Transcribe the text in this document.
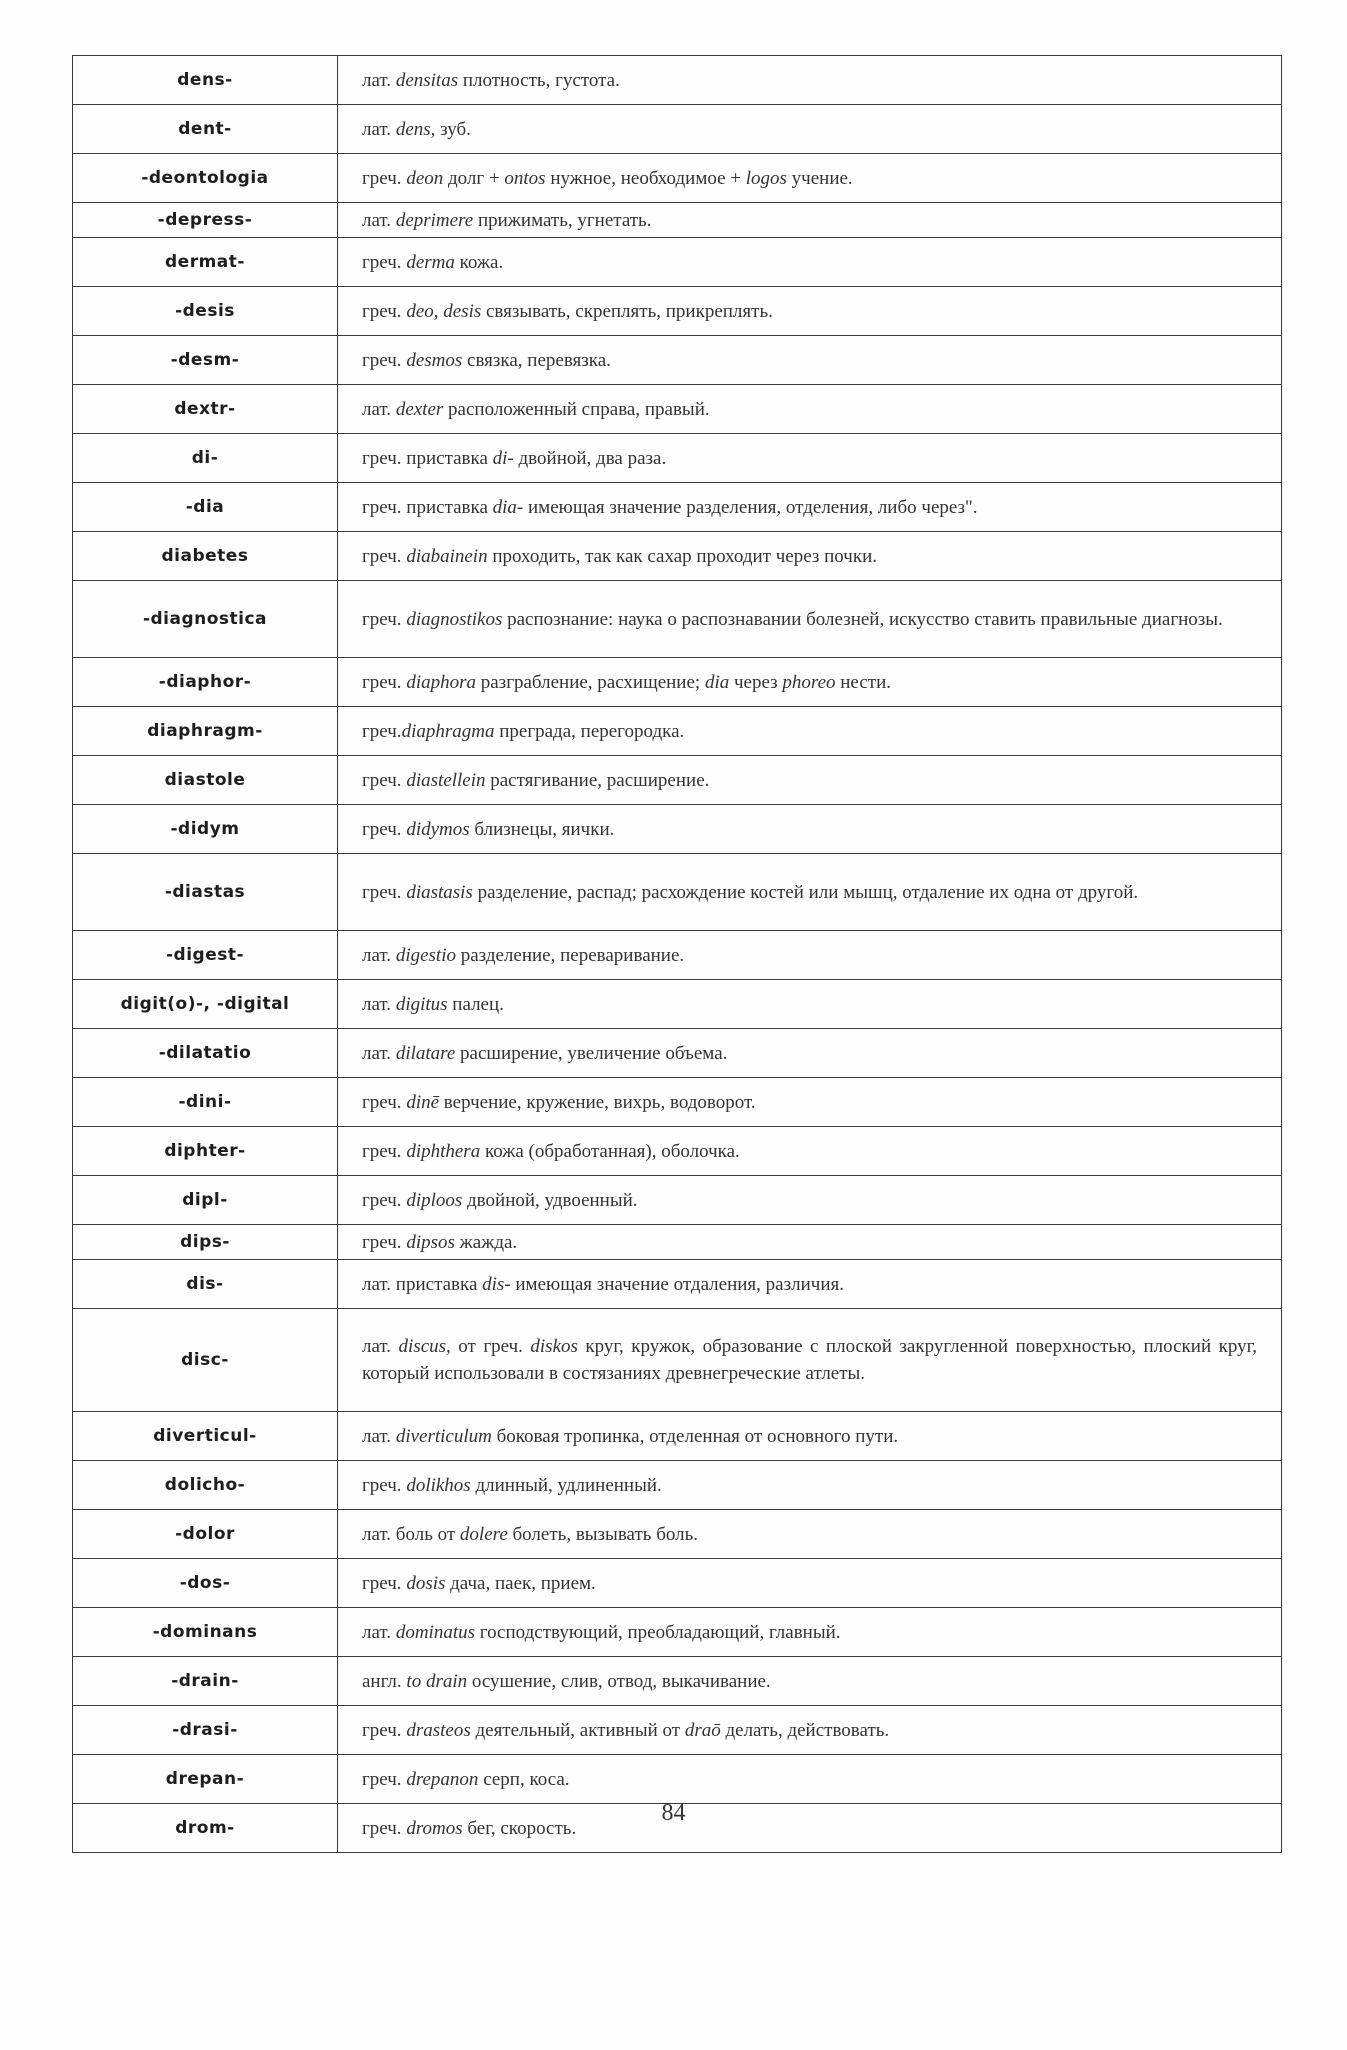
dens-	лат. densitas плотность, густота.
dent-	лат. dens, зуб.
-deontologia	греч. deon долг + ontos нужное, необходимое + logos учение.
-depress-	лат. deprimere прижимать, угнетать.
dermat-	греч. derma кожа.
-desis	греч. deo, desis связывать, скреплять, прикреплять.
-desm-	греч. desmos связка, перевязка.
dextr-	лат. dexter расположенный справа, правый.
di-	греч. приставка di- двойной, два раза.
-dia	греч. приставка dia- имеющая значение разделения, отделения, либо через".
diabetes	греч. diabainein проходить, так как сахар проходит через почки.
-diagnostica	греч. diagnostikos распознание: наука о распознавании болезней, искусство ставить правильные диагнозы.
-diaphor-	греч. diaphora разграбление, расхищение; dia через phoreo нести.
diaphragm-	греч.diaphragma преграда, перегородка.
diastole	греч. diastellein растягивание, расширение.
-didym	греч. didymos близнецы, яички.
-diastas	греч. diastasis разделение, распад; расхождение костей или мышц, отдаление их одна от другой.
-digest-	лат. digestio разделение, переваривание.
digit(o)-, -digital	лат. digitus палец.
-dilatatio	лат. dilatare расширение, увеличение объема.
-dini-	греч. dinē верчение, кружение, вихрь, водоворот.
diphter-	греч. diphthera кожа (обработанная), оболочка.
dipl-	греч. diploos двойной, удвоенный.
dips-	греч. dipsos жажда.
dis-	лат. приставка dis- имеющая значение отдаления, различия.
disc-	лат. discus, от греч. diskos круг, кружок, образование с плоской закругленной поверхностью, плоский круг, который использовали в состязаниях древнегреческие атлеты.
diverticul-	лат. diverticulum боковая тропинка, отделенная от основного пути.
dolicho-	греч. dolikhos длинный, удлиненный.
-dolor	лат. боль от dolere болеть, вызывать боль.
-dos-	греч. dosis дача, паек, прием.
-dominans	лат. dominatus господствующий, преобладающий, главный.
-drain-	англ. to drain осушение, слив, отвод, выкачивание.
-drasi-	греч. drasteos деятельный, активный от draō делать, действовать.
drepan-	греч. drepanon серп, коса.
drom-	греч. dromos бег, скорость.
84
